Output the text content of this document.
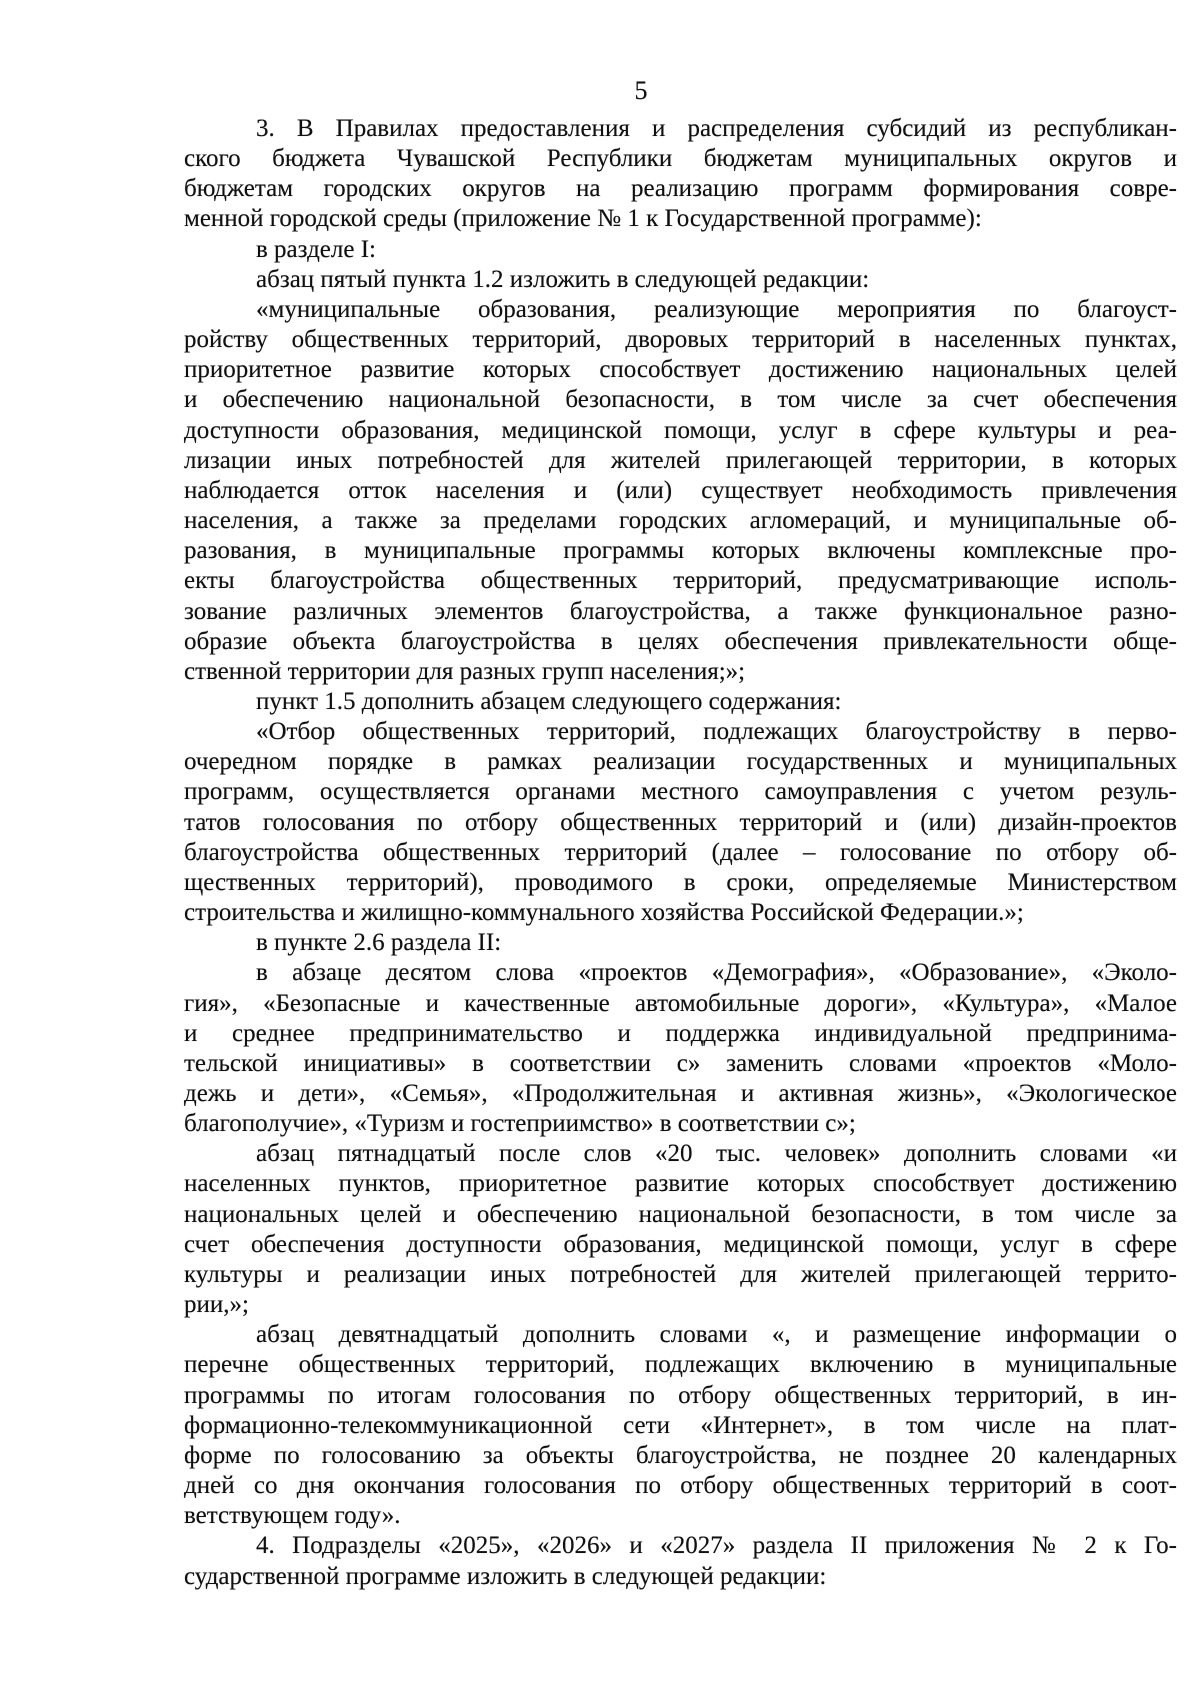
5
3. В Правилах предоставления и распределения субсидий из республикан-
ского бюджета Чувашской Республики бюджетам муниципальных округов и
бюджетам городских округов на реализацию программ формирования совре-
менной городской среды (приложение № 1 к Государственной программе):
в разделе I:
абзац пятый пункта 1.2 изложить в следующей редакции:
«муниципальные образования, реализующие мероприятия по благоуст-
ройству общественных территорий, дворовых территорий в населенных пунктах,
приоритетное развитие которых способствует достижению национальных целей
и обеспечению национальной безопасности, в том числе за счет обеспечения
доступности образования, медицинской помощи, услуг в сфере культуры и реа-
лизации иных потребностей для жителей прилегающей территории, в которых
наблюдается отток населения и (или) существует необходимость привлечения
населения, а также за пределами городских агломераций, и муниципальные об-
разования, в муниципальные программы которых включены комплексные про-
екты благоустройства общественных территорий, предусматривающие исполь-
зование различных элементов благоустройства, а также функциональное разно-
образие объекта благоустройства в целях обеспечения привлекательности обще-
ственной территории для разных групп населения;»;
пункт 1.5 дополнить абзацем следующего содержания:
«Отбор общественных территорий, подлежащих благоустройству в перво-
очередном порядке в рамках реализации государственных и муниципальных
программ, осуществляется органами местного самоуправления с учетом резуль-
татов голосования по отбору общественных территорий и (или) дизайн-проектов
благоустройства общественных территорий (далее – голосование по отбору об-
щественных территорий), проводимого в сроки, определяемые Министерством
строительства и жилищно-коммунального хозяйства Российской Федерации.»;
в пункте 2.6 раздела II:
в абзаце десятом слова «проектов «Демография», «Образование», «Эколо-
гия», «Безопасные и качественные автомобильные дороги», «Культура», «Малое
и среднее предпринимательство и поддержка индивидуальной предпринима-
тельской инициативы» в соответствии с» заменить словами «проектов «Моло-
дежь и дети», «Семья», «Продолжительная и активная жизнь», «Экологическое
благополучие», «Туризм и гостеприимство» в соответствии с»;
абзац пятнадцатый после слов «20 тыс. человек» дополнить словами «и
населенных пунктов, приоритетное развитие которых способствует достижению
национальных целей и обеспечению национальной безопасности, в том числе за
счет обеспечения доступности образования, медицинской помощи, услуг в сфере
культуры и реализации иных потребностей для жителей прилегающей террито-
рии,»;
абзац девятнадцатый дополнить словами «, и размещение информации о
перечне общественных территорий, подлежащих включению в муниципальные
программы по итогам голосования по отбору общественных территорий, в ин-
формационно-телекоммуникационной сети «Интернет», в том числе на плат-
форме по голосованию за объекты благоустройства, не позднее 20 календарных
дней со дня окончания голосования по отбору общественных территорий в соот-
ветствующем году».
4. Подразделы «2025», «2026» и «2027» раздела II приложения № 2 к Го-
сударственной программе изложить в следующей редакции:
